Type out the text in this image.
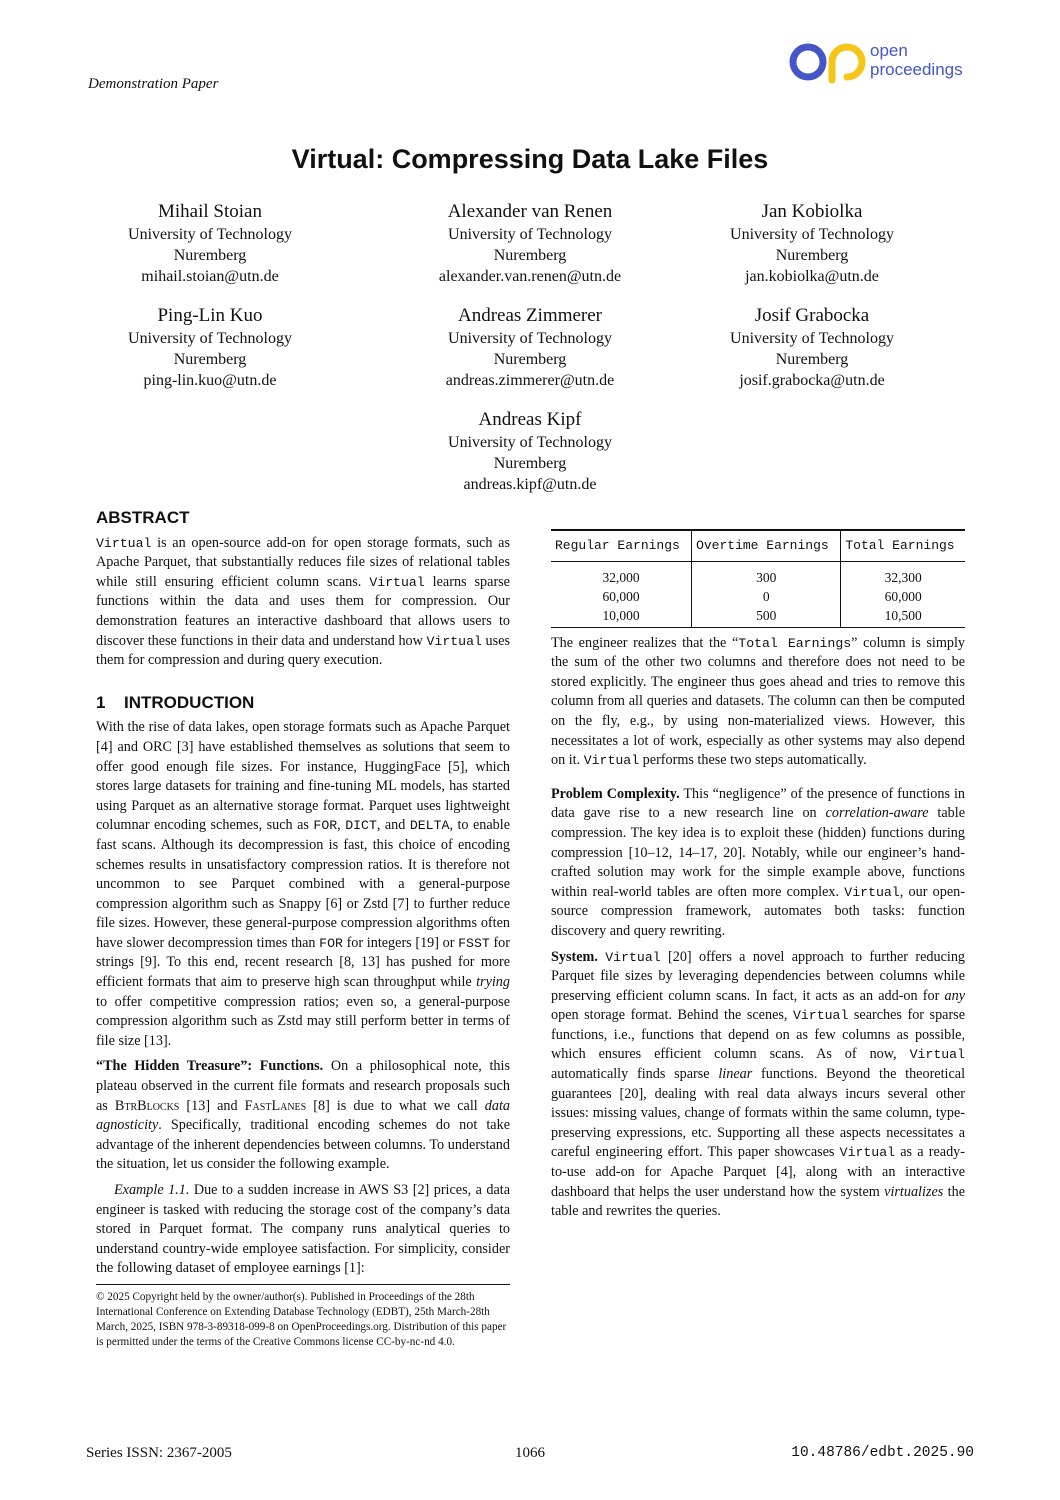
Demonstration Paper
open
proceedings
Virtual: Compressing Data Lake Files
Mihail Stoian
University of Technology
Nuremberg
mihail.stoian@utn.de
Alexander van Renen
University of Technology
Nuremberg
alexander.van.renen@utn.de
Jan Kobiolka
University of Technology
Nuremberg
jan.kobiolka@utn.de
Ping-Lin Kuo
University of Technology
Nuremberg
ping-lin.kuo@utn.de
Andreas Zimmerer
University of Technology
Nuremberg
andreas.zimmerer@utn.de
Josif Grabocka
University of Technology
Nuremberg
josif.grabocka@utn.de
Andreas Kipf
University of Technology
Nuremberg
andreas.kipf@utn.de
ABSTRACT

Virtual is an open-source add-on for open storage formats, such as Apache Parquet, that substantially reduces file sizes of relational tables while still ensuring efficient column scans. Virtual learns sparse functions within the data and uses them for compression. Our demonstration features an interactive dashboard that allows users to discover these functions in their data and understand how Virtual uses them for compression and during query execution.

1 INTRODUCTION

With the rise of data lakes, open storage formats such as Apache Parquet [4] and ORC [3] have established themselves as solutions that seem to offer good enough file sizes. For instance, HuggingFace [5], which stores large datasets for training and fine-tuning ML models, has started using Parquet as an alternative storage format. Parquet uses lightweight columnar encoding schemes, such as FOR, DICT, and DELTA, to enable fast scans. Although its decompression is fast, this choice of encoding schemes results in unsatisfactory compression ratios. It is therefore not uncommon to see Parquet combined with a general-purpose compression algorithm such as Snappy [6] or Zstd [7] to further reduce file sizes. However, these general-purpose compression algorithms often have slower decompression times than FOR for integers [19] or FSST for strings [9]. To this end, recent research [8, 13] has pushed for more efficient formats that aim to preserve high scan throughput while trying to offer competitive compression ratios; even so, a general-purpose compression algorithm such as Zstd may still perform better in terms of file size [13].

“The Hidden Treasure”: Functions. On a philosophical note, this plateau observed in the current file formats and research proposals such as BtrBlocks [13] and FastLanes [8] is due to what we call data agnosticity. Specifically, traditional encoding schemes do not take advantage of the inherent dependencies between columns. To understand the situation, let us consider the following example.

Example 1.1. Due to a sudden increase in AWS S3 [2] prices, a data engineer is tasked with reducing the storage cost of the company’s data stored in Parquet format. The company runs analytical queries to understand country-wide employee satisfaction. For simplicity, consider the following dataset of employee earnings [1]:

Regular Earnings	Overtime Earnings	Total Earnings
32,000	300	32,300
60,000	0	60,000
10,000	500	10,500

The engineer realizes that the “Total Earnings” column is simply the sum of the other two columns and therefore does not need to be stored explicitly. The engineer thus goes ahead and tries to remove this column from all queries and datasets. The column can then be computed on the fly, e.g., by using non-materialized views. However, this necessitates a lot of work, especially as other systems may also depend on it. Virtual performs these two steps automatically.

Problem Complexity. This “negligence” of the presence of functions in data gave rise to a new research line on correlation-aware table compression. The key idea is to exploit these (hidden) functions during compression [10–12, 14–17, 20]. Notably, while our engineer’s hand-crafted solution may work for the simple example above, functions within real-world tables are often more complex. Virtual, our open-source compression framework, automates both tasks: function discovery and query rewriting.

System. Virtual [20] offers a novel approach to further reducing Parquet file sizes by leveraging dependencies between columns while preserving efficient column scans. In fact, it acts as an add-on for any open storage format. Behind the scenes, Virtual searches for sparse functions, i.e., functions that depend on as few columns as possible, which ensures efficient column scans. As of now, Virtual automatically finds sparse linear functions. Beyond the theoretical guarantees [20], dealing with real data always incurs several other issues: missing values, change of formats within the same column, type-preserving expressions, etc. Supporting all these aspects necessitates a careful engineering effort. This paper showcases Virtual as a ready-to-use add-on for Apache Parquet [4], along with an interactive dashboard that helps the user understand how the system virtualizes the table and rewrites the queries.

© 2025 Copyright held by the owner/author(s). Published in Proceedings of the 28th International Conference on Extending Database Technology (EDBT), 25th March-28th March, 2025, ISBN 978-3-89318-099-8 on OpenProceedings.org. Distribution of this paper is permitted under the terms of the Creative Commons license CC-by-nc-nd 4.0.
Series ISSN: 2367-2005	1066	10.48786/edbt.2025.90
